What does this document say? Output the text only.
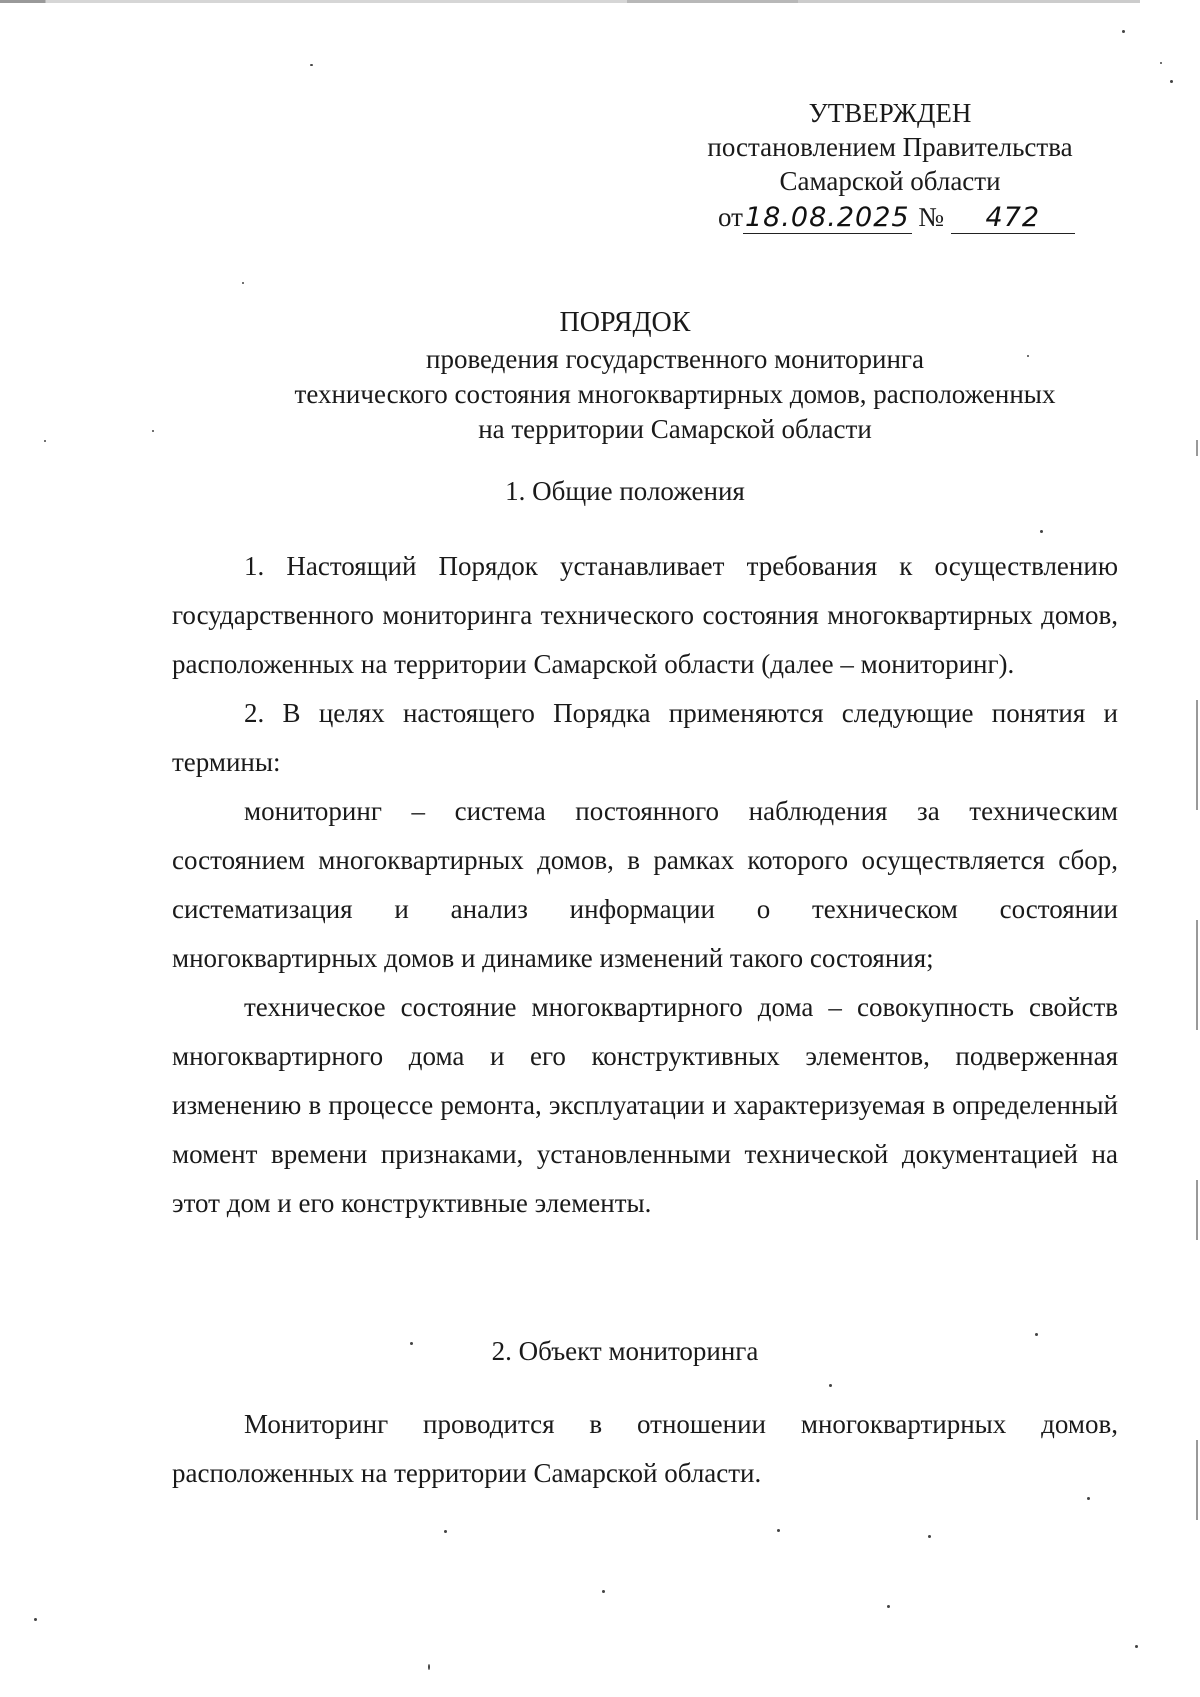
УТВЕРЖДЕН
постановлением Правительства
Самарской области
от18.08.2025 № 472
ПОРЯДОК
проведения государственного мониторинга
технического состояния многоквартирных домов, расположенных
на территории Самарской области
1. Общие положения

1. Настоящий Порядок устанавливает требования к осуществлению государственного мониторинга технического состояния многоквартирных домов, расположенных на территории Самарской области (далее – мониторинг).

2. В целях настоящего Порядка применяются следующие понятия и термины:

мониторинг – система постоянного наблюдения за техническим состоянием многоквартирных домов, в рамках которого осуществляется сбор, систематизация и анализ информации о техническом состоянии многоквартирных домов и динамике изменений такого состояния;

техническое состояние многоквартирного дома – совокупность свойств многоквартирного дома и его конструктивных элементов, подверженная изменению в процессе ремонта, эксплуатации и характеризуемая в определенный момент времени признаками, установленными технической документацией на этот дом и его конструктивные элементы.

2. Объект мониторинга

Мониторинг проводится в отношении многоквартирных домов, расположенных на территории Самарской области.
